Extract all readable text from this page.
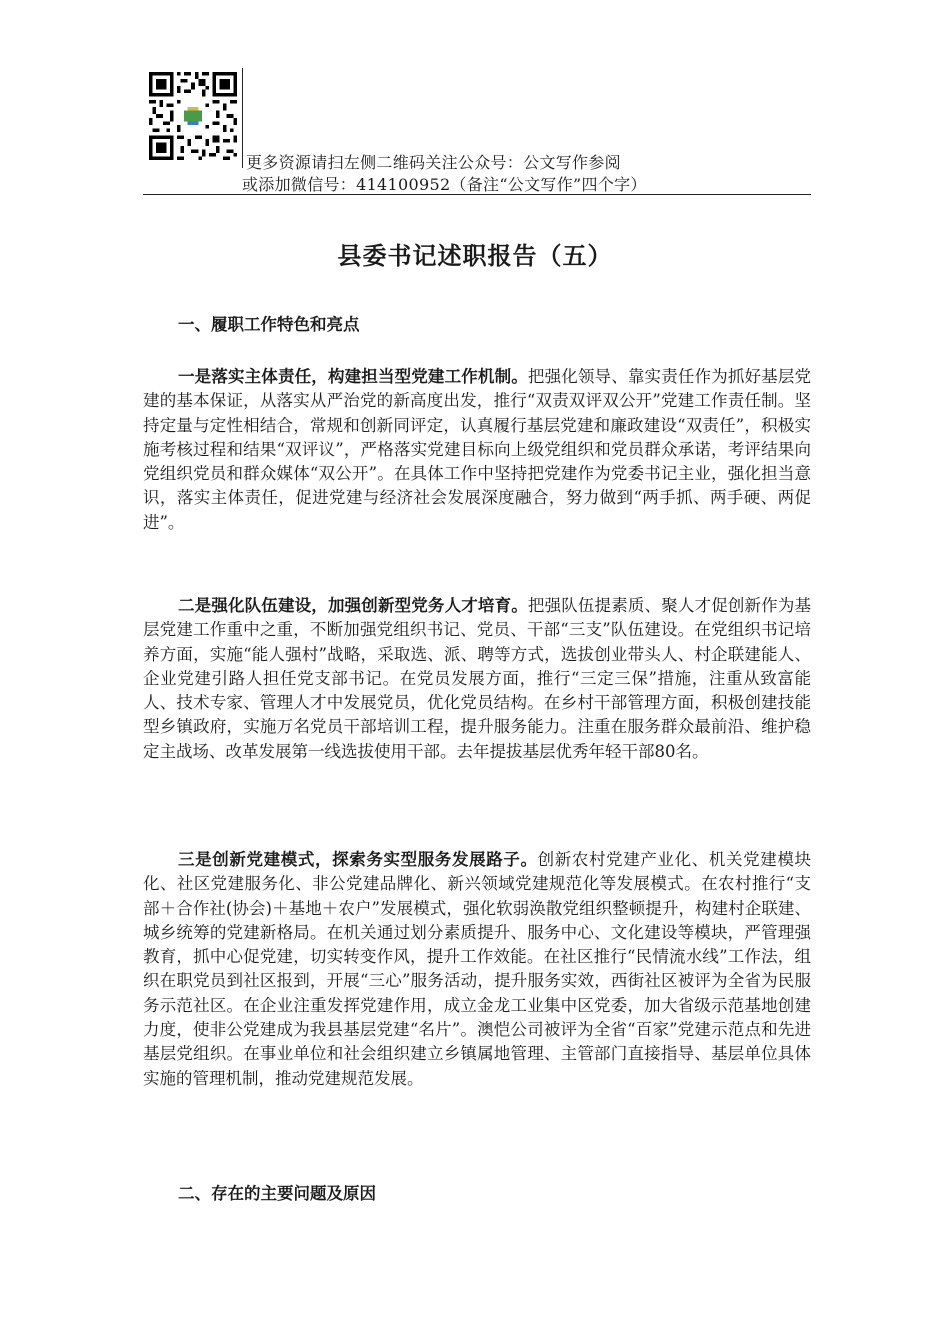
更多资源请扫左侧二维码关注公众号：公文写作参阅
或添加微信号：414100952（备注“公文写作”四个字）
县委书记述职报告（五）
一、履职工作特色和亮点

一是落实主体责任，构建担当型党建工作机制。把强化领导、靠实责任作为抓好基层党建的基本保证，从落实从严治党的新高度出发，推行“双责双评双公开”党建工作责任制。坚持定量与定性相结合，常规和创新同评定，认真履行基层党建和廉政建设“双责任”，积极实施考核过程和结果“双评议”，严格落实党建目标向上级党组织和党员群众承诺，考评结果向党组织党员和群众媒体“双公开”。在具体工作中坚持把党建作为党委书记主业，强化担当意识，落实主体责任，促进党建与经济社会发展深度融合，努力做到“两手抓、两手硬、两促进”。

二是强化队伍建设，加强创新型党务人才培育。把强队伍提素质、聚人才促创新作为基层党建工作重中之重，不断加强党组织书记、党员、干部“三支”队伍建设。在党组织书记培养方面，实施“能人强村”战略，采取选、派、聘等方式，选拔创业带头人、村企联建能人、企业党建引路人担任党支部书记。在党员发展方面，推行“三定三保”措施，注重从致富能人、技术专家、管理人才中发展党员，优化党员结构。在乡村干部管理方面，积极创建技能型乡镇政府，实施万名党员干部培训工程，提升服务能力。注重在服务群众最前沿、维护稳定主战场、改革发展第一线选拔使用干部。去年提拔基层优秀年轻干部80名。

三是创新党建模式，探索务实型服务发展路子。创新农村党建产业化、机关党建模块化、社区党建服务化、非公党建品牌化、新兴领域党建规范化等发展模式。在农村推行“支部＋合作社(协会)＋基地＋农户”发展模式，强化软弱涣散党组织整顿提升，构建村企联建、城乡统筹的党建新格局。在机关通过划分素质提升、服务中心、文化建设等模块，严管理强教育，抓中心促党建，切实转变作风，提升工作效能。在社区推行“民情流水线”工作法，组织在职党员到社区报到，开展“三心”服务活动，提升服务实效，西街社区被评为全省为民服务示范社区。在企业注重发挥党建作用，成立金龙工业集中区党委，加大省级示范基地创建力度，使非公党建成为我县基层党建“名片”。澳恺公司被评为全省“百家”党建示范点和先进基层党组织。在事业单位和社会组织建立乡镇属地管理、主管部门直接指导、基层单位具体实施的管理机制，推动党建规范发展。

二、存在的主要问题及原因
